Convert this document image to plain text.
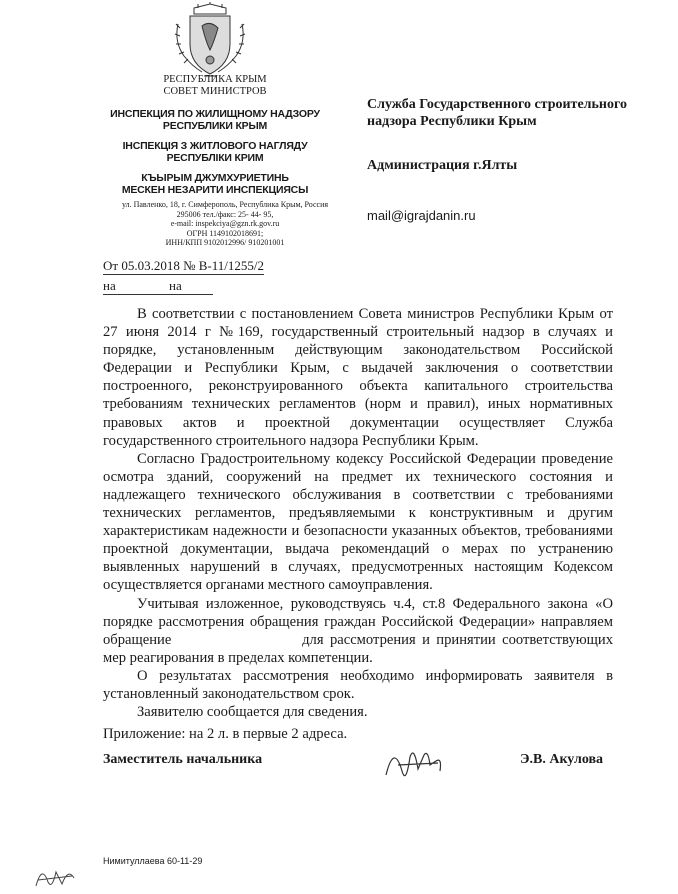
РЕСПУБЛИКА КРЫМ
СОВЕТ МИНИСТРОВ
ИНСПЕКЦИЯ ПО ЖИЛИЩНОМУ НАДЗОРУ
РЕСПУБЛИКИ КРЫМ
ІНСПЕКЦІЯ З ЖИТЛОВОГО НАГЛЯДУ
РЕСПУБЛІКИ КРИМ
КЪЫРЫМ ДЖУМХУРИЕТИНЬ
МЕСКЕН НЕЗАРИТИ ИНСПЕКЦИЯСЫ
ул. Павленко, 18, г. Симферополь, Республика Крым, Россия
295006 тел./факс: 25- 44- 95,
e-mail: inspekciya@gzn.rk.gov.ru
ОГРН 1149102018691;
ИНН/КПП 9102012996/ 910201001
Служба Государственного строительного надзора Республики Крым
Администрация г.Ялты
mail@igrajdanin.ru
От 05.03.2018 № В-11/1255/2
на	на

В соответствии с постановлением Совета министров Республики Крым от 27 июня 2014 г №169, государственный строительный надзор в случаях и порядке, установленным действующим законодательством Российской Федерации и Республики Крым, с выдачей заключения о соответствии построенного, реконструированного объекта капитального строительства требованиям технических регламентов (норм и правил), иных нормативных правовых актов и проектной документации осуществляет Служба государственного строительного надзора Республики Крым.

Согласно Градостроительному кодексу Российской Федерации проведение осмотра зданий, сооружений на предмет их технического состояния и надлежащего технического обслуживания в соответствии с требованиями технических регламентов, предъявляемыми к конструктивным и другим характеристикам надежности и безопасности указанных объектов, требованиями проектной документации, выдача рекомендаций о мерах по устранению выявленных нарушений в случаях, предусмотренных настоящим Кодексом осуществляется органами местного самоуправления.

Учитывая изложенное, руководствуясь ч.4, ст.8 Федерального закона «О порядке рассмотрения обращения граждан Российской Федерации» направляем обращение	для рассмотрения и принятии соответствующих мер реагирования в пределах компетенции.

О результатах рассмотрения необходимо информировать заявителя в установленный законодательством срок.

Заявителю сообщается для сведения.

Приложение: на 2 л. в первые 2 адреса.

Заместитель начальника	Э.В. Акулова
Нимитуллаева 60-11-29
